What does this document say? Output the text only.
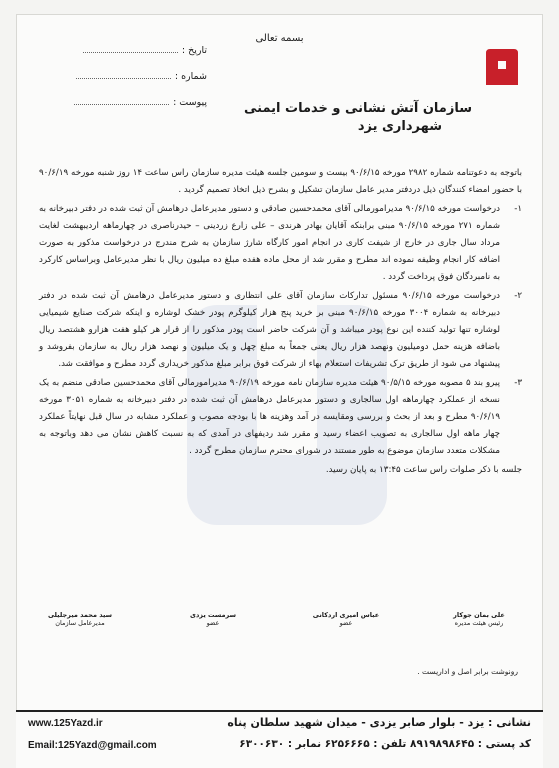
بسمه تعالی
سازمان آتش نشانی و خدمات ایمنی
شهرداری یزد
تاریخ :
شماره :
پیوست :

باتوجه به دعوتنامه شماره ۲۹۸۲ مورخه ۹۰/۶/۱۵ بیست و سومین جلسه هیئت مدیره سازمان راس ساعت ۱۴ روز شنبه مورخه ۹۰/۶/۱۹ با حضور امضاء کنندگان ذیل دردفتر مدیر عامل سازمان تشکیل و بشرح ذیل اتخاذ تصمیم گردید .

۱-
درخواست مورخه ۹۰/۶/۱۵ مدیرامورمالی آقای محمدحسین صادقی و دستور مدیرعامل درهامش آن ثبت شده در دفتر دبیرخانه به شماره ۲۷۱ مورخه ۹۰/۶/۱۵ مبنی برابنکه آقایان بهادر هرندی – علی زارع زردینی – حیدرناصری در چهارماهه اردیبهشت لغایت مرداد سال جاری در خارج از شیفت کاری در انجام امور کارگاه شارژ سازمان به شرح مندرج در درخواست مذکور به صورت اضافه کار انجام وظیفه نموده اند مطرح و مقرر شد از محل ماده هفده مبلغ ده میلیون ریال با نظر مدیرعامل وبراساس کارکرد به نامبردگان فوق پرداخت گردد .

۲-
درخواست مورخه ۹۰/۶/۱۵ مسئول تدارکات سازمان آقای علی انتظاری و دستور مدیرعامل درهامش آن ثبت شده در دفتر دبیرخانه به شماره ۳۰۰۴ مورخه ۹۰/۶/۱۵ مبنی بر خرید پنج هزار کیلوگرم پودر خشک لوشاره و اینکه شرکت صنایع شیمیایی لوشاره تنها تولید کننده این نوع پودر میباشد و آن شرکت حاضر است پودر مذکور را از قرار هر کیلو هفت هزارو هشتصد ریال باضافه هزینه حمل دومیلیون ونهصد هزار ریال یعنی جمعاً به مبلغ چهل و یک میلیون و نهصد هزار ریال به سازمان بفروشد و پیشنهاد می شود از طریق ترک تشریفات استعلام بهاء از شرکت فوق برابر مبلغ مذکور خریداری گردد مطرح و موافقت شد.

۳-
پیرو بند ۵ مصوبه مورخه ۹۰/۵/۱۵ هیئت مدیره سازمان نامه مورخه ۹۰/۶/۱۹ مدیرامورمالی آقای محمدحسین صادقی منضم به یک نسخه از عملکرد چهارماهه اول سالجاری و دستور مدیرعامل درهامش آن ثبت شده در دفتر دبیرخانه به شماره ۳۰۵۱ مورخه ۹۰/۶/۱۹ مطرح و بعد از بحث و بررسی ومقایسه در آمد وهزینه ها با بودجه مصوب و عملکرد مشابه در سال قبل نهایتاً عملکرد چهار ماهه اول سالجاری به تصویب اعضاء رسید و مقرر شد ردیفهای در آمدی که به نسبت کاهش نشان می دهد وباتوجه به مشکلات متعدد سازمان موضوع به طور مستند در شورای محترم سازمان مطرح گردد .

جلسه با ذکر صلوات راس ساعت ۱۳:۴۵ به پایان رسید.

علی بمان جوکار
رئیس هیئت مدیره
عباس امیری اردکانی
عضو
سرمست یزدی
عضو
سید محمد میرجلیلی
مدیرعامل سازمان
رونوشت برابر اصل و اداریست .
نشانی : یزد - بلوار صابر یزدی - میدان شهید سلطان پناه
کد پستی : ۸۹۱۹۸۹۸۶۴۵ تلفن : ۶۲۵۶۶۶۵ نمابر : ۶۳۰۰۶۳۰
www.125Yazd.ir
Email:125Yazd@gmail.com
